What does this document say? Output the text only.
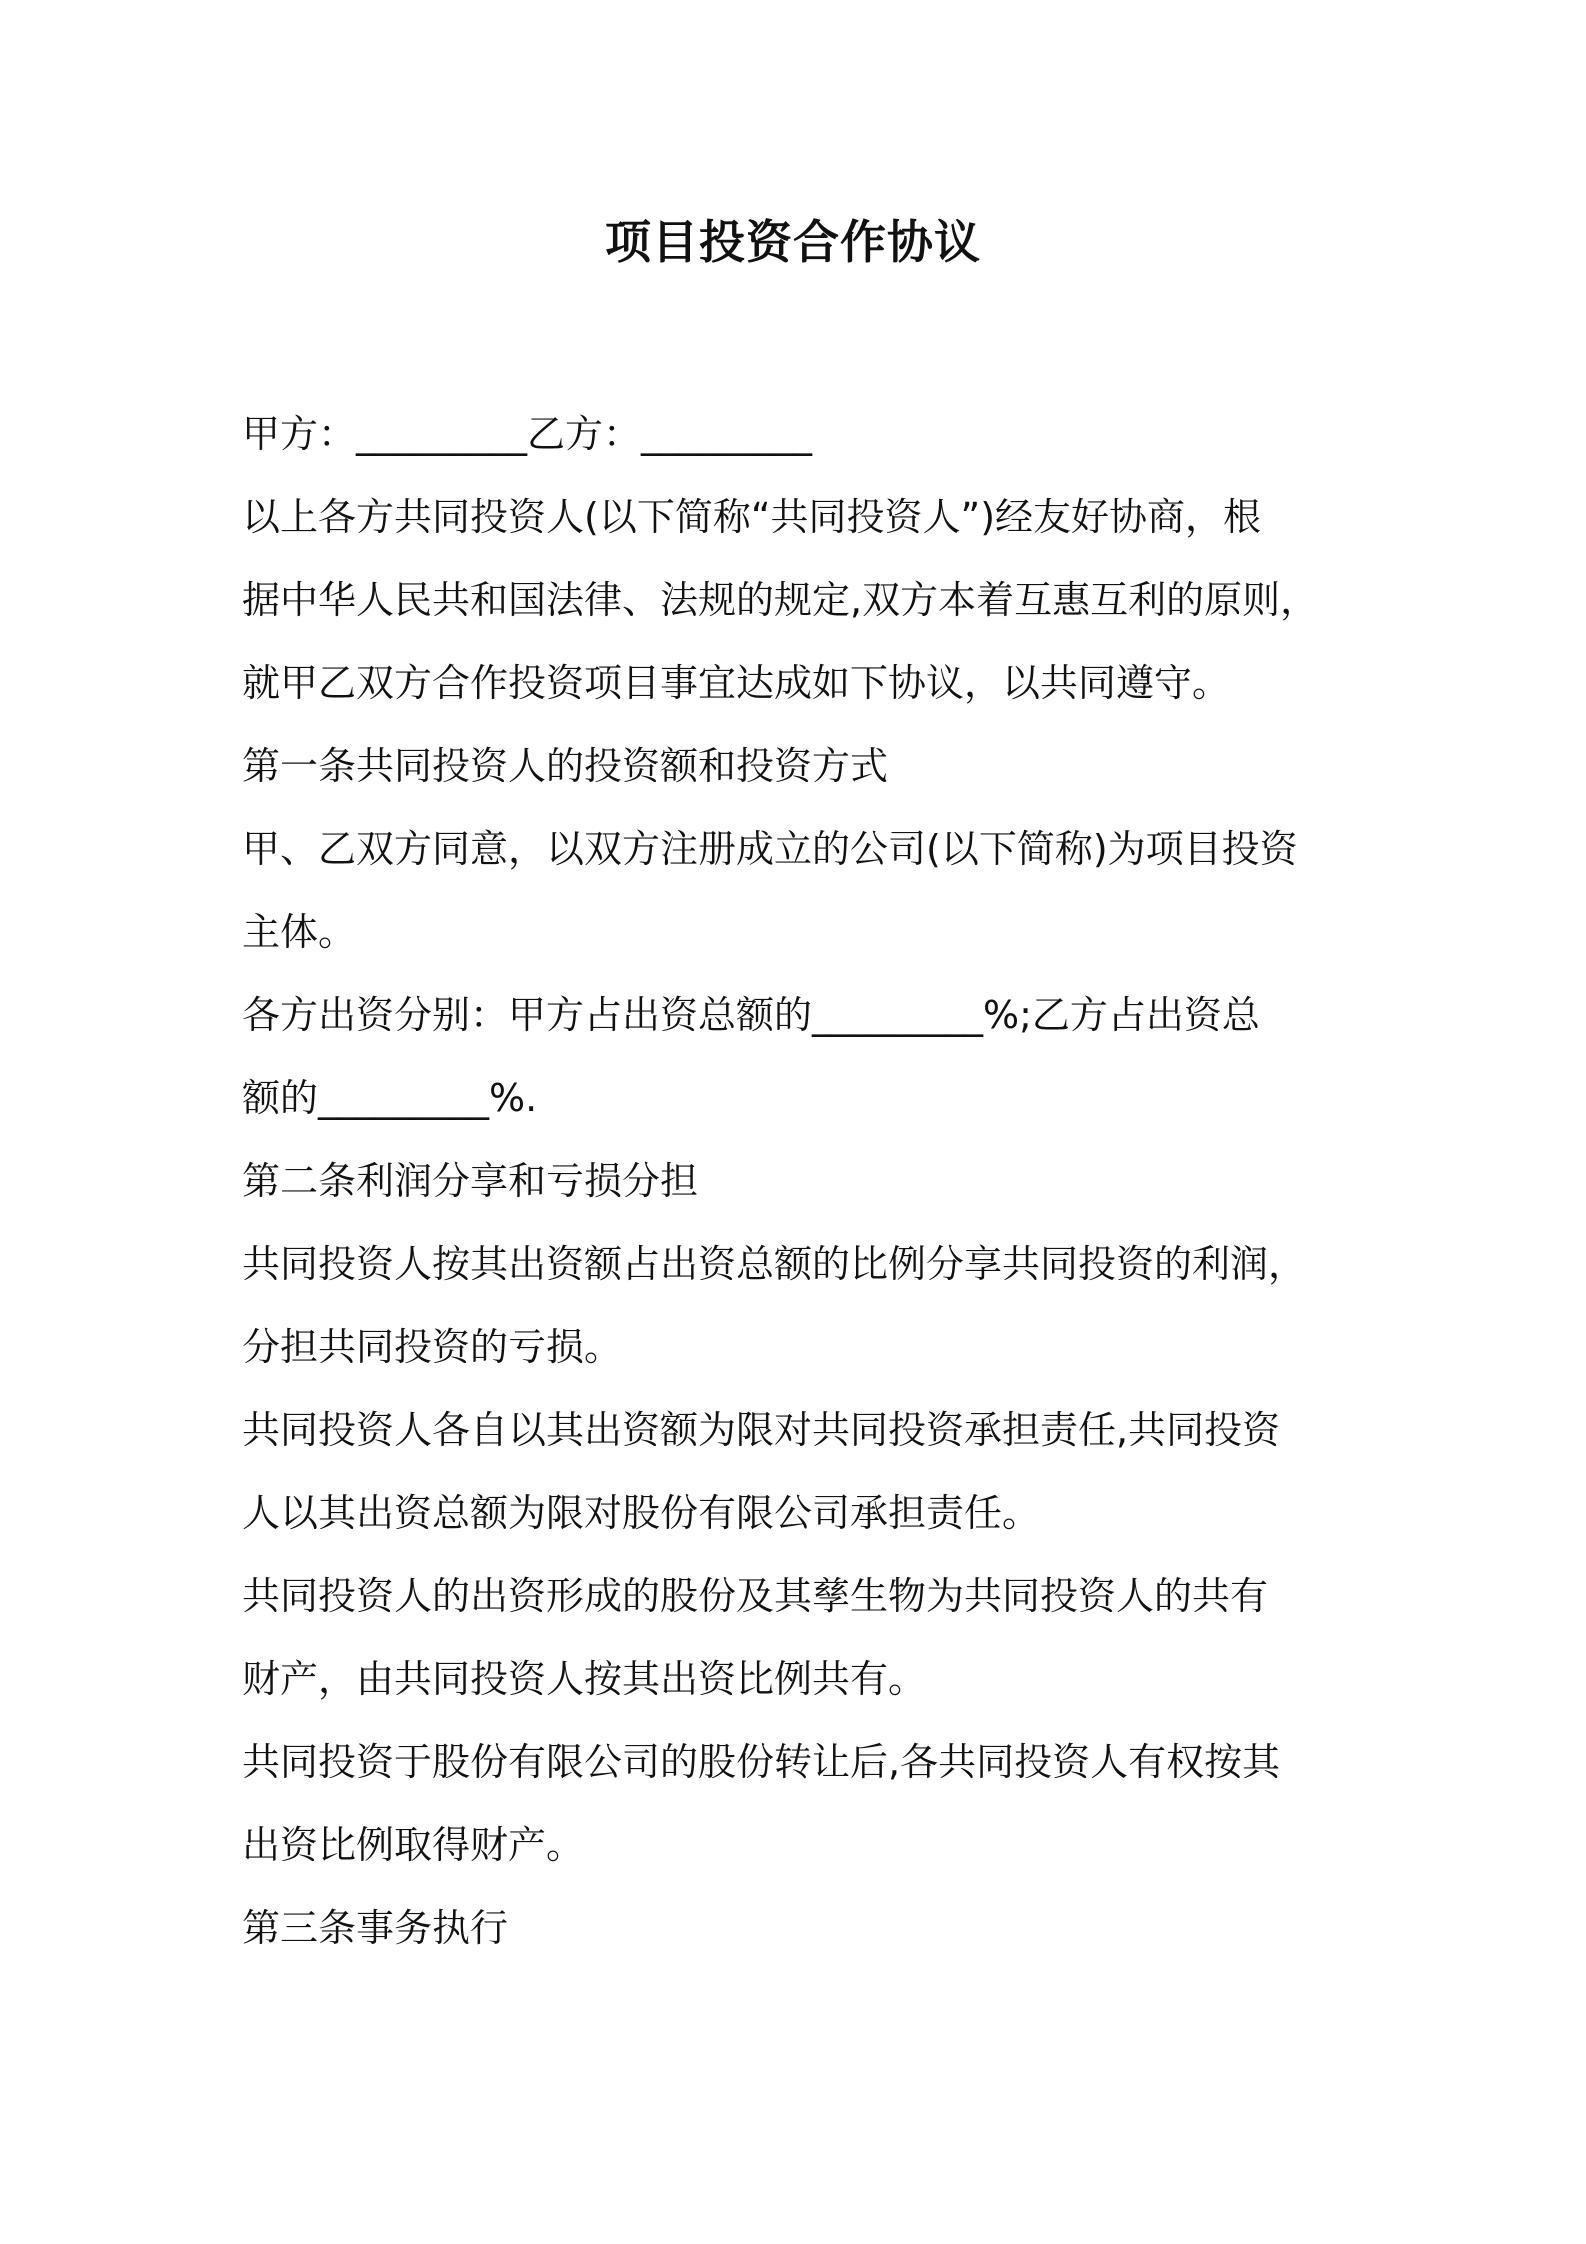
项目投资合作协议
甲方：_________乙方：_________
以上各方共同投资人(以下简称“共同投资人”)经友好协商，根
据中华人民共和国法律、法规的规定,双方本着互惠互利的原则，
就甲乙双方合作投资项目事宜达成如下协议，以共同遵守。
第一条共同投资人的投资额和投资方式
甲、乙双方同意，以双方注册成立的公司(以下简称)为项目投资
主体。
各方出资分别：甲方占出资总额的_________%;乙方占出资总
额的_________%.
第二条利润分享和亏损分担
共同投资人按其出资额占出资总额的比例分享共同投资的利润，
分担共同投资的亏损。
共同投资人各自以其出资额为限对共同投资承担责任,共同投资
人以其出资总额为限对股份有限公司承担责任。
共同投资人的出资形成的股份及其孳生物为共同投资人的共有
财产，由共同投资人按其出资比例共有。
共同投资于股份有限公司的股份转让后,各共同投资人有权按其
出资比例取得财产。
第三条事务执行
